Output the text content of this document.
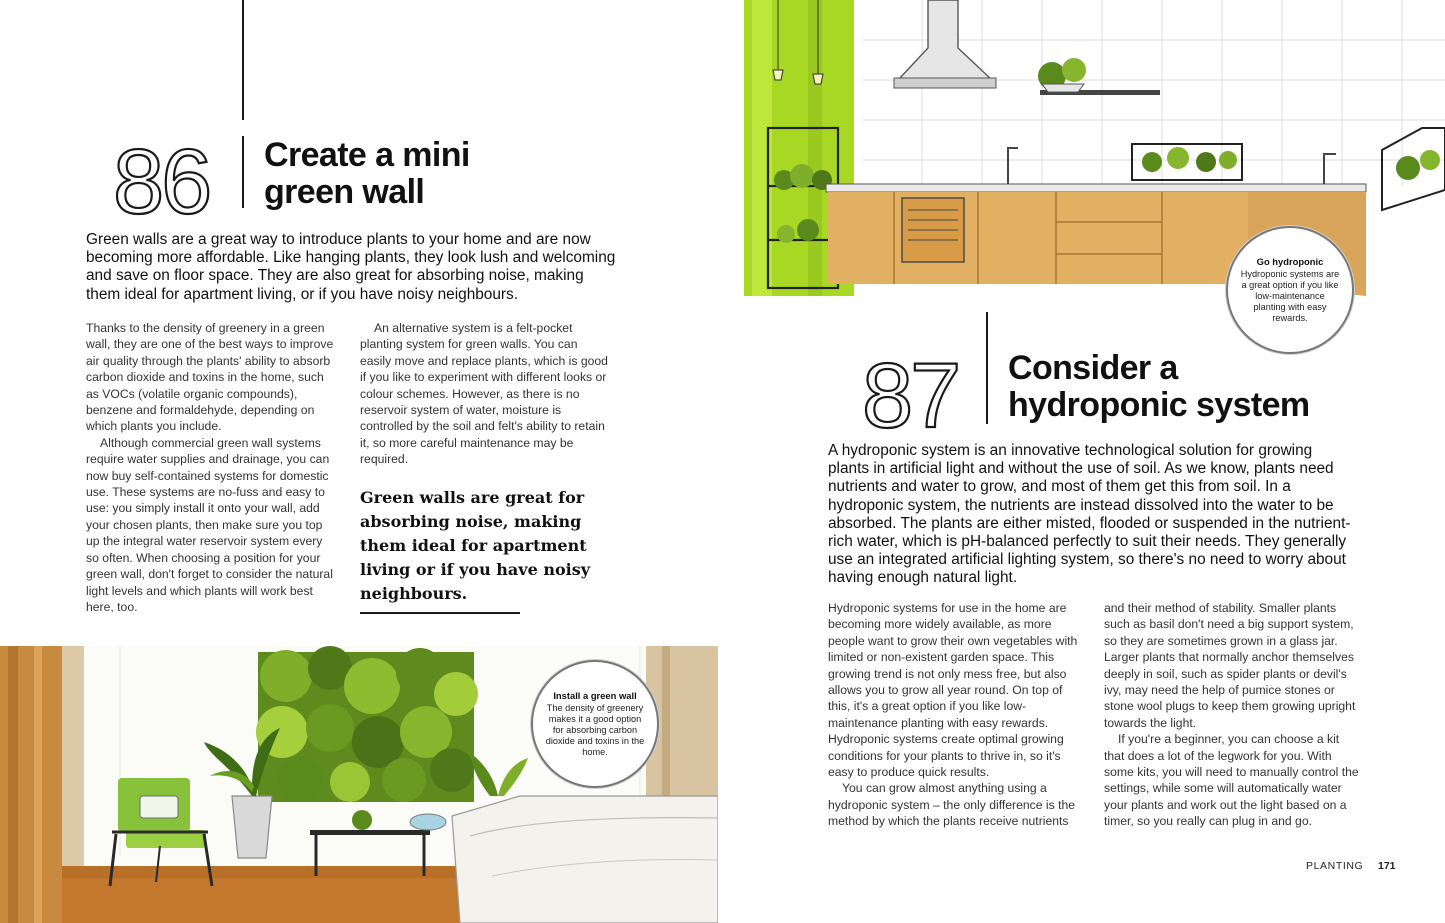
86 Create a mini
green wall

Green walls are a great way to introduce plants to your home and are now becoming more affordable. Like hanging plants, they look lush and welcoming and save on floor space. They are also great for absorbing noise, making them ideal for apartment living, or if you have noisy neighbours.

Thanks to the density of greenery in a green wall, they are one of the best ways to improve air quality through the plants' ability to absorb carbon dioxide and toxins in the home, such as VOCs (volatile organic compounds), benzene and formaldehyde, depending on which plants you include.

Although commercial green wall systems require water supplies and drainage, you can now buy self-contained systems for domestic use. These systems are no-fuss and easy to use: you simply install it onto your wall, add your chosen plants, then make sure you top up the integral water reservoir system every so often. When choosing a position for your green wall, don't forget to consider the natural light levels and which plants will work best here, too.

An alternative system is a felt-pocket planting system for green walls. You can easily move and replace plants, which is good if you like to experiment with different looks or colour schemes. However, as there is no reservoir system of water, moisture is controlled by the soil and felt's ability to retain it, so more careful maintenance may be required.

Green walls are great for absorbing noise, making them ideal for apartment living or if you have noisy neighbours.

Install a green wall
The density of greenery makes it a good option for absorbing carbon dioxide and toxins in the home.
Go hydroponic
Hydroponic systems are a great option if you like low-maintenance planting with easy rewards.
87 Consider a
hydroponic system

A hydroponic system is an innovative technological solution for growing plants in artificial light and without the use of soil. As we know, plants need nutrients and water to grow, and most of them get this from soil. In a hydroponic system, the nutrients are instead dissolved into the water to be absorbed. The plants are either misted, flooded or suspended in the nutrient-rich water, which is pH-balanced perfectly to suit their needs. They generally use an integrated artificial lighting system, so there's no need to worry about having enough natural light.

Hydroponic systems for use in the home are becoming more widely available, as more people want to grow their own vegetables with limited or non-existent garden space. This growing trend is not only mess free, but also allows you to grow all year round. On top of this, it's a great option if you like low-maintenance planting with easy rewards. Hydroponic systems create optimal growing conditions for your plants to thrive in, so it's easy to produce quick results.

You can grow almost anything using a hydroponic system – the only difference is the method by which the plants receive nutrients

and their method of stability. Smaller plants such as basil don't need a big support system, so they are sometimes grown in a glass jar. Larger plants that normally anchor themselves deeply in soil, such as spider plants or devil's ivy, may need the help of pumice stones or stone wool plugs to keep them growing upright towards the light.

If you're a beginner, you can choose a kit that does a lot of the legwork for you. With some kits, you will need to manually control the settings, while some will automatically water your plants and work out the light based on a timer, so you really can plug in and go.

PLANTING 171
